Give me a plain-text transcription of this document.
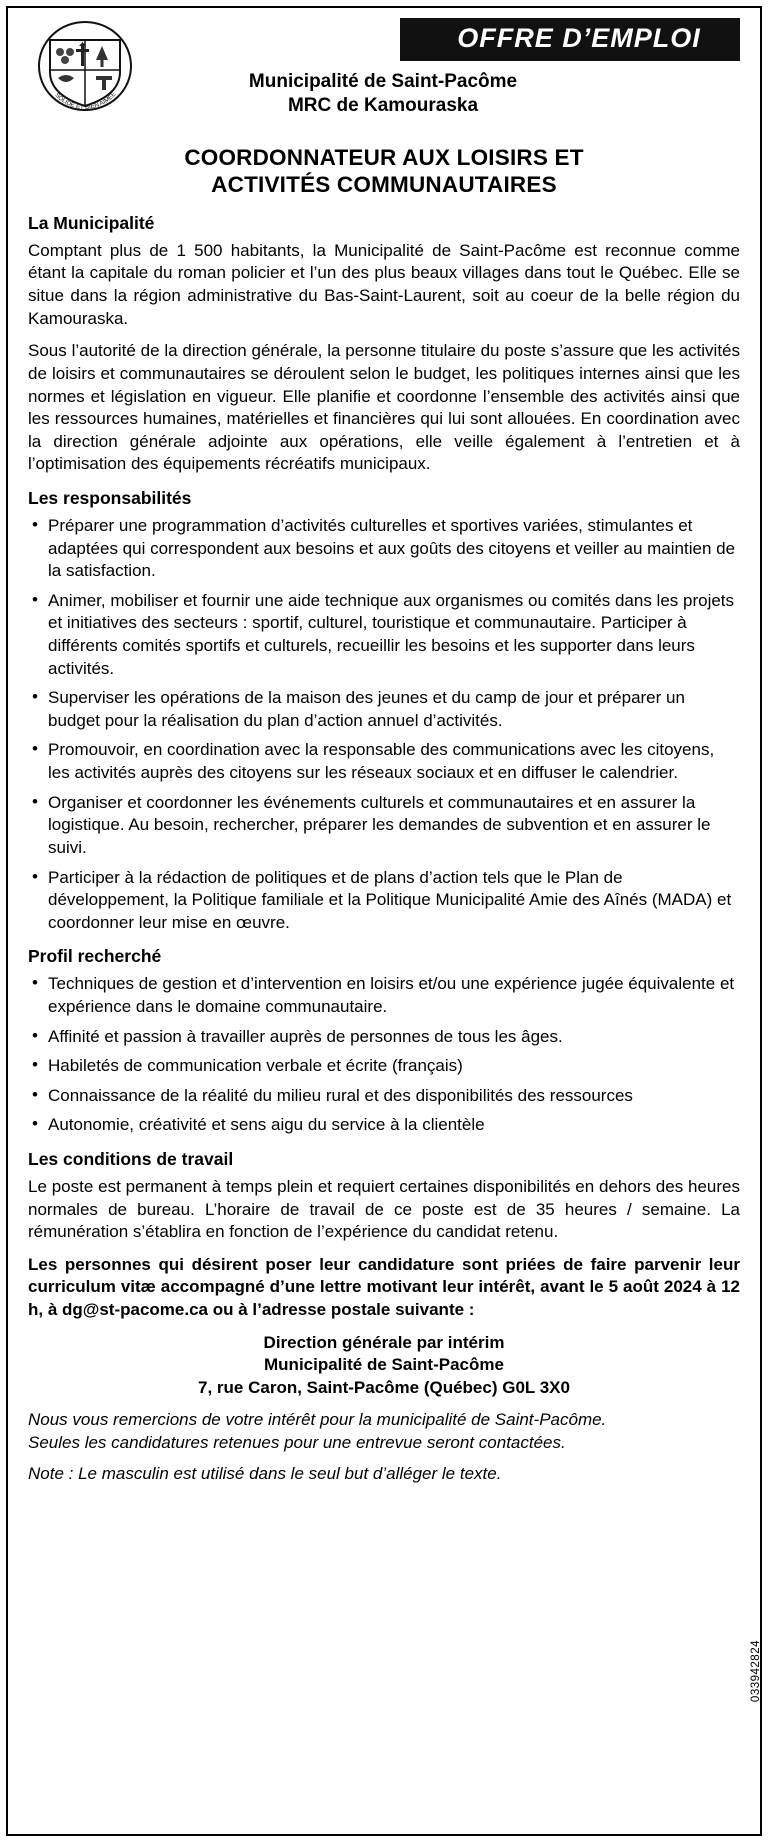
OFFRE D’EMPLOI
SOLIDE ET BIEN AIMÉE
Municipalité de Saint-Pacôme
MRC de Kamouraska
COORDONNATEUR AUX LOISIRS ET
ACTIVITÉS COMMUNAUTAIRES
La Municipalité

Comptant plus de 1 500 habitants, la Municipalité de Saint-Pacôme est reconnue comme étant la capitale du roman policier et l’un des plus beaux villages dans tout le Québec. Elle se situe dans la région administrative du Bas-Saint-Laurent, soit au coeur de la belle région du Kamouraska.

Sous l’autorité de la direction générale, la personne titulaire du poste s’assure que les activités de loisirs et communautaires se déroulent selon le budget, les politiques internes ainsi que les normes et législation en vigueur. Elle planifie et coordonne l’ensemble des activités ainsi que les ressources humaines, matérielles et financières qui lui sont allouées. En coordination avec la direction générale adjointe aux opérations, elle veille également à l’entretien et à l’optimisation des équipements récréatifs municipaux.

Les responsabilités
• Préparer une programmation d’activités culturelles et sportives variées, stimulantes et adaptées qui correspondent aux besoins et aux goûts des citoyens et veiller au maintien de la satisfaction.
• Animer, mobiliser et fournir une aide technique aux organismes ou comités dans les projets et initiatives des secteurs : sportif, culturel, touristique et communautaire. Participer à différents comités sportifs et culturels, recueillir les besoins et les supporter dans leurs activités.
• Superviser les opérations de la maison des jeunes et du camp de jour et préparer un budget pour la réalisation du plan d’action annuel d’activités.
• Promouvoir, en coordination avec la responsable des communications avec les citoyens, les activités auprès des citoyens sur les réseaux sociaux et en diffuser le calendrier.
• Organiser et coordonner les événements culturels et communautaires et en assurer la logistique. Au besoin, rechercher, préparer les demandes de subvention et en assurer le suivi.
• Participer à la rédaction de politiques et de plans d’action tels que le Plan de développement, la Politique familiale et la Politique Municipalité Amie des Aînés (MADA) et coordonner leur mise en œuvre.
Profil recherché
• Techniques de gestion et d’intervention en loisirs et/ou une expérience jugée équivalente et expérience dans le domaine communautaire.
• Affinité et passion à travailler auprès de personnes de tous les âges.
• Habiletés de communication verbale et écrite (français)
• Connaissance de la réalité du milieu rural et des disponibilités des ressources
• Autonomie, créativité et sens aigu du service à la clientèle
Les conditions de travail

Le poste est permanent à temps plein et requiert certaines disponibilités en dehors des heures normales de bureau. L’horaire de travail de ce poste est de 35 heures / semaine. La rémunération s’établira en fonction de l’expérience du candidat retenu.

Les personnes qui désirent poser leur candidature sont priées de faire parvenir leur curriculum vitæ accompagné d’une lettre motivant leur intérêt, avant le 5 août 2024 à 12 h, à dg@st-pacome.ca ou à l’adresse postale suivante :
Direction générale par intérim
Municipalité de Saint-Pacôme
7, rue Caron, Saint-Pacôme (Québec) G0L 3X0
Nous vous remercions de votre intérêt pour la municipalité de Saint-Pacôme.
Seules les candidatures retenues pour une entrevue seront contactées.
Note : Le masculin est utilisé dans le seul but d’alléger le texte.
033942824
